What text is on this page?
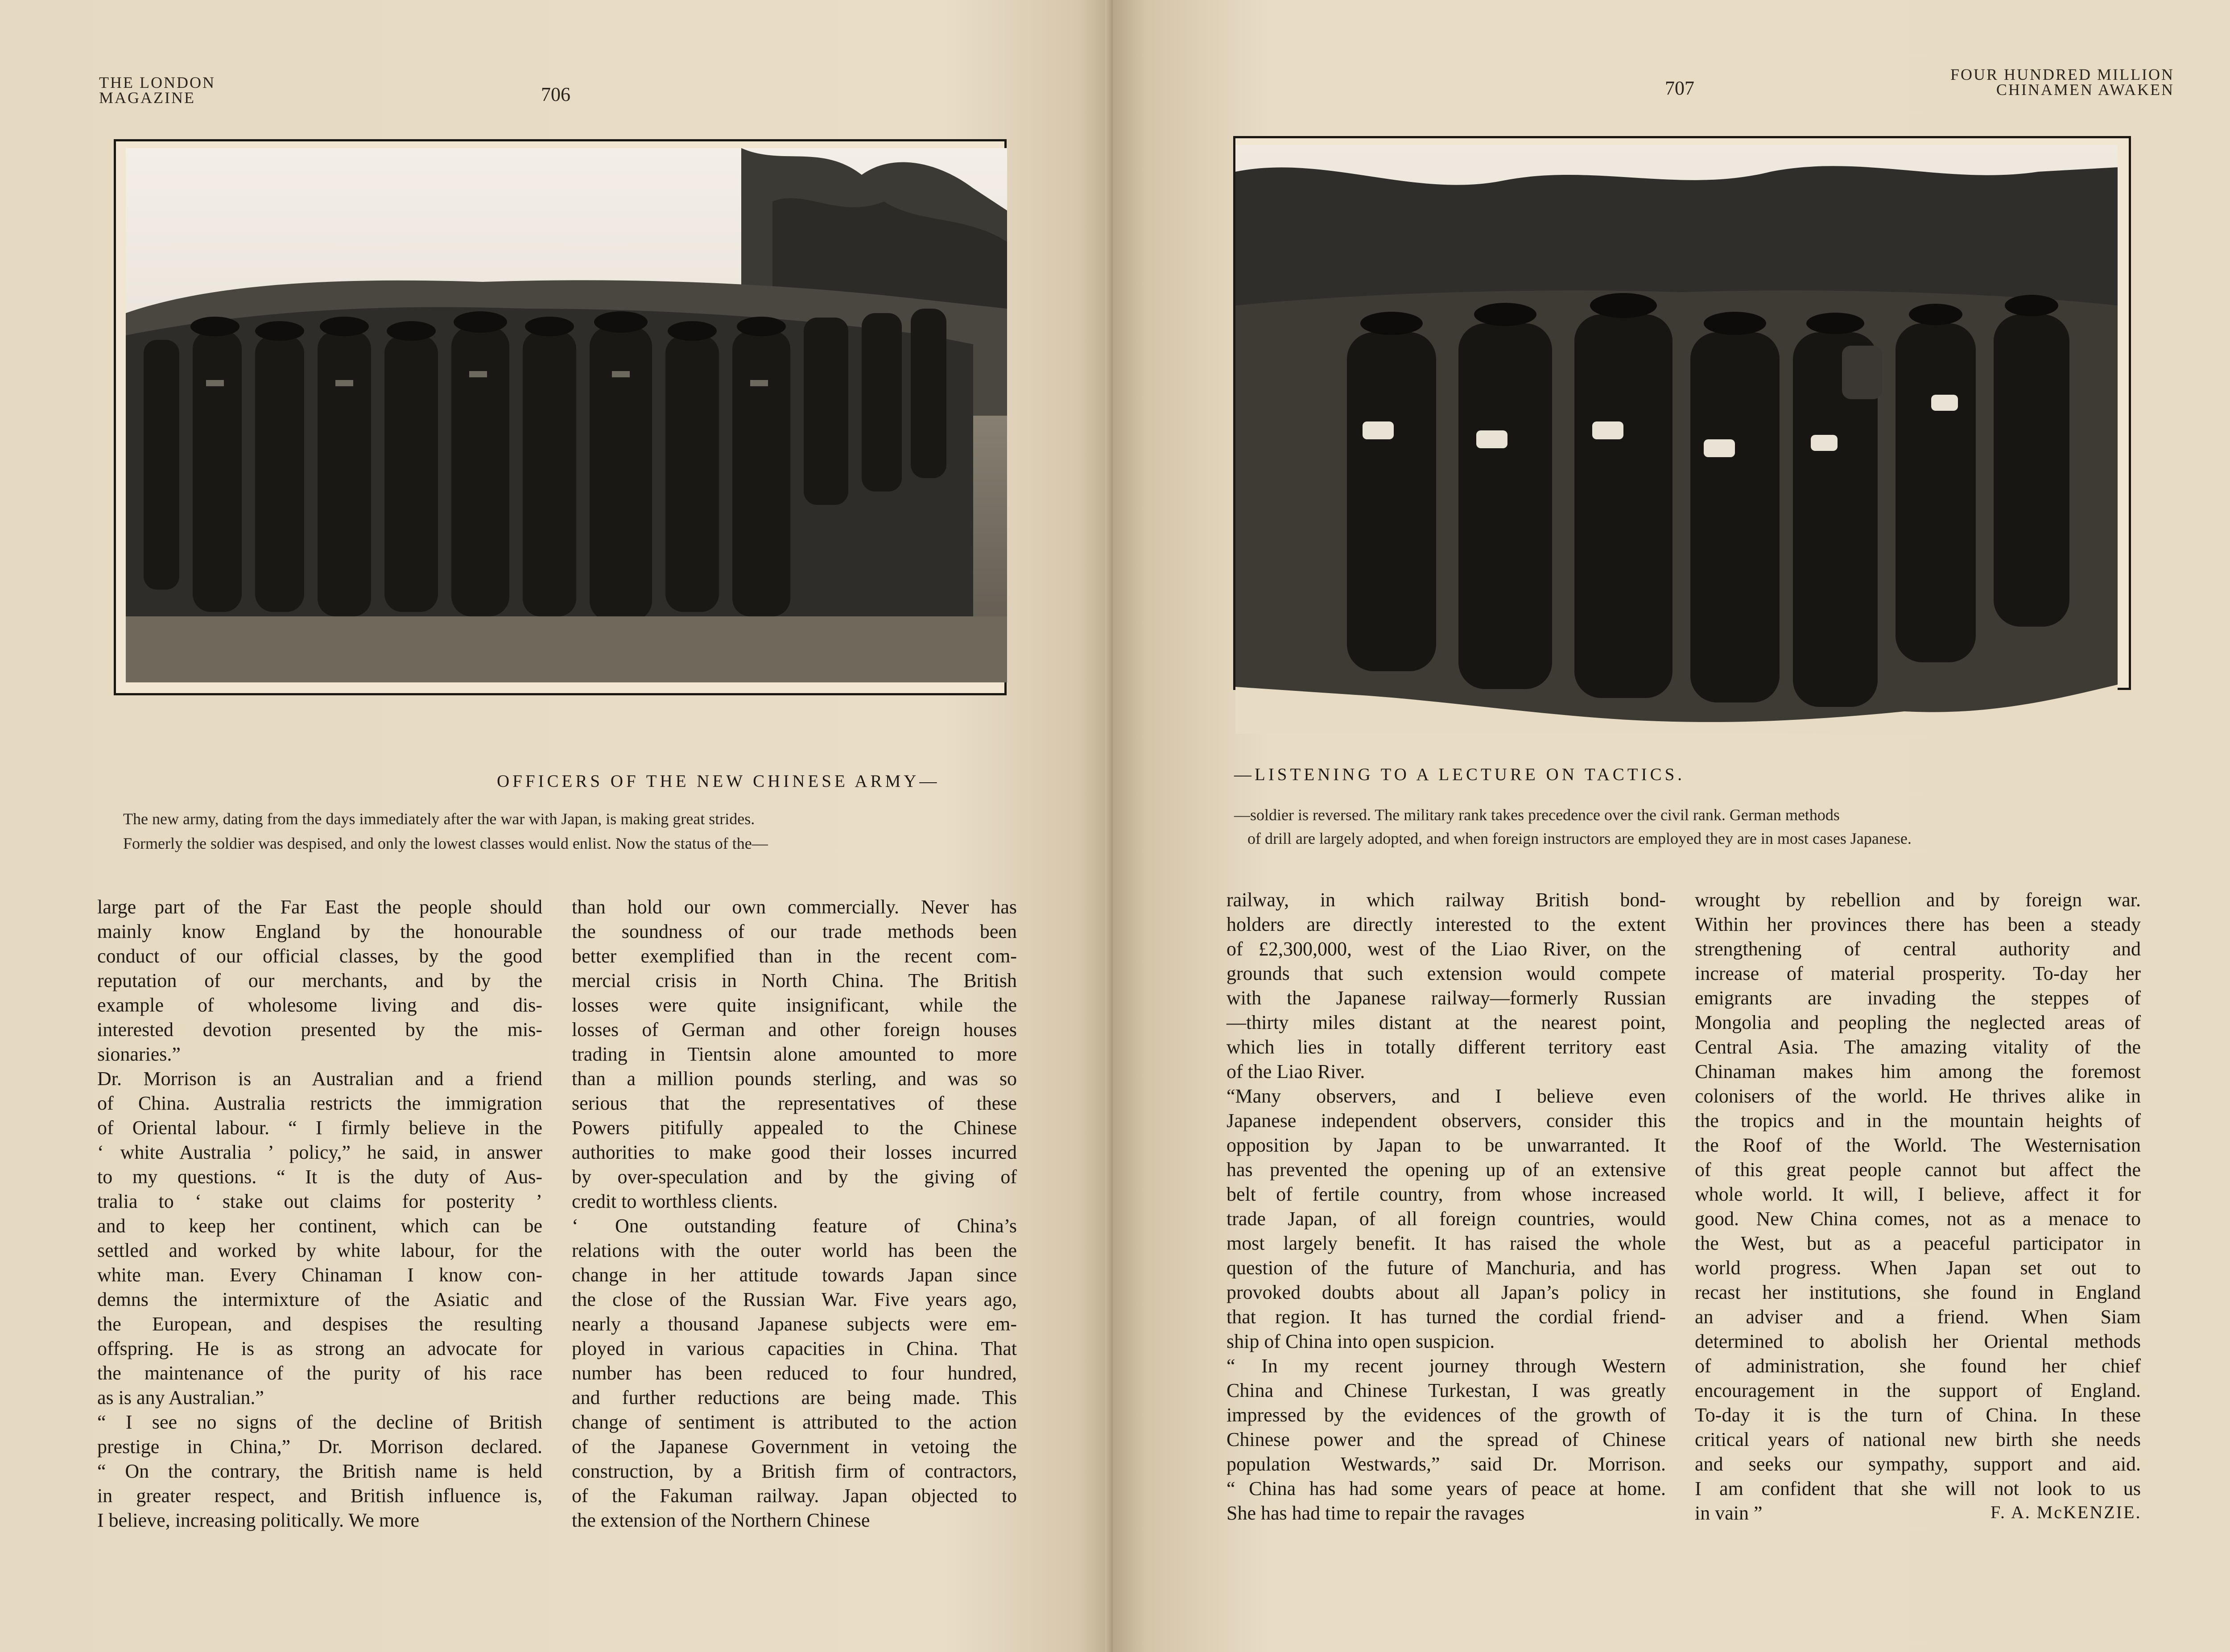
THE LONDON
MAGAZINE	706
OFFICERS OF THE NEW CHINESE ARMY—
The new army, dating from the days immediately after the war with Japan, is making great strides.
Formerly the soldier was despised, and only the lowest classes would enlist. Now the status of the—
large part of the Far East the people should
mainly know England by the honourable
conduct of our official classes, by the good
reputation of our merchants, and by the
example of wholesome living and dis-
interested devotion presented by the mis-
sionaries.”
Dr. Morrison is an Australian and a friend
of China. Australia restricts the immigration
of Oriental labour. “ I firmly believe in the
‘ white Australia ’ policy,” he said, in answer
to my questions. “ It is the duty of Aus-
tralia to ‘ stake out claims for posterity ’
and to keep her continent, which can be
settled and worked by white labour, for the
white man. Every Chinaman I know con-
demns the intermixture of the Asiatic and
the European, and despises the resulting
offspring. He is as strong an advocate for
the maintenance of the purity of his race
as is any Australian.”
“ I see no signs of the decline of British
prestige in China,” Dr. Morrison declared.
“ On the contrary, the British name is held
in greater respect, and British influence is,
I believe, increasing politically. We more
than hold our own commercially. Never has
the soundness of our trade methods been
better exemplified than in the recent com-
mercial crisis in North China. The British
losses were quite insignificant, while the
losses of German and other foreign houses
trading in Tientsin alone amounted to more
than a million pounds sterling, and was so
serious that the representatives of these
Powers pitifully appealed to the Chinese
authorities to make good their losses incurred
by over-speculation and by the giving of
credit to worthless clients.
‘ One outstanding feature of China’s
relations with the outer world has been the
change in her attitude towards Japan since
the close of the Russian War. Five years ago,
nearly a thousand Japanese subjects were em-
ployed in various capacities in China. That
number has been reduced to four hundred,
and further reductions are being made. This
change of sentiment is attributed to the action
of the Japanese Government in vetoing the
construction, by a British firm of contractors,
of the Fakuman railway. Japan objected to
the extension of the Northern Chinese
FOUR HUNDRED MILLION
CHINAMEN AWAKEN
707
—LISTENING TO A LECTURE ON TACTICS.
—soldier is reversed. The military rank takes precedence over the civil rank. German methods
of drill are largely adopted, and when foreign instructors are employed they are in most cases Japanese.
railway, in which railway British bond-
holders are directly interested to the extent
of £2,300,000, west of the Liao River, on the
grounds that such extension would compete
with the Japanese railway—formerly Russian
—thirty miles distant at the nearest point,
which lies in totally different territory east
of the Liao River.
“Many observers, and I believe even
Japanese independent observers, consider this
opposition by Japan to be unwarranted. It
has prevented the opening up of an extensive
belt of fertile country, from whose increased
trade Japan, of all foreign countries, would
most largely benefit. It has raised the whole
question of the future of Manchuria, and has
provoked doubts about all Japan’s policy in
that region. It has turned the cordial friend-
ship of China into open suspicion.
“ In my recent journey through Western
China and Chinese Turkestan, I was greatly
impressed by the evidences of the growth of
Chinese power and the spread of Chinese
population Westwards,” said Dr. Morrison.
“ China has had some years of peace at home.
She has had time to repair the ravages
wrought by rebellion and by foreign war.
Within her provinces there has been a steady
strengthening of central authority and
increase of material prosperity. To-day her
emigrants are invading the steppes of
Mongolia and peopling the neglected areas of
Central Asia. The amazing vitality of the
Chinaman makes him among the foremost
colonisers of the world. He thrives alike in
the tropics and in the mountain heights of
the Roof of the World. The Westernisation
of this great people cannot but affect the
whole world. It will, I believe, affect it for
good. New China comes, not as a menace to
the West, but as a peaceful participator in
world progress. When Japan set out to
recast her institutions, she found in England
an adviser and a friend. When Siam
determined to abolish her Oriental methods
of administration, she found her chief
encouragement in the support of England.
To-day it is the turn of China. In these
critical years of national new birth she needs
and seeks our sympathy, support and aid.
I am confident that she will not look to us
in vain ”	F. A. McKENZIE.
